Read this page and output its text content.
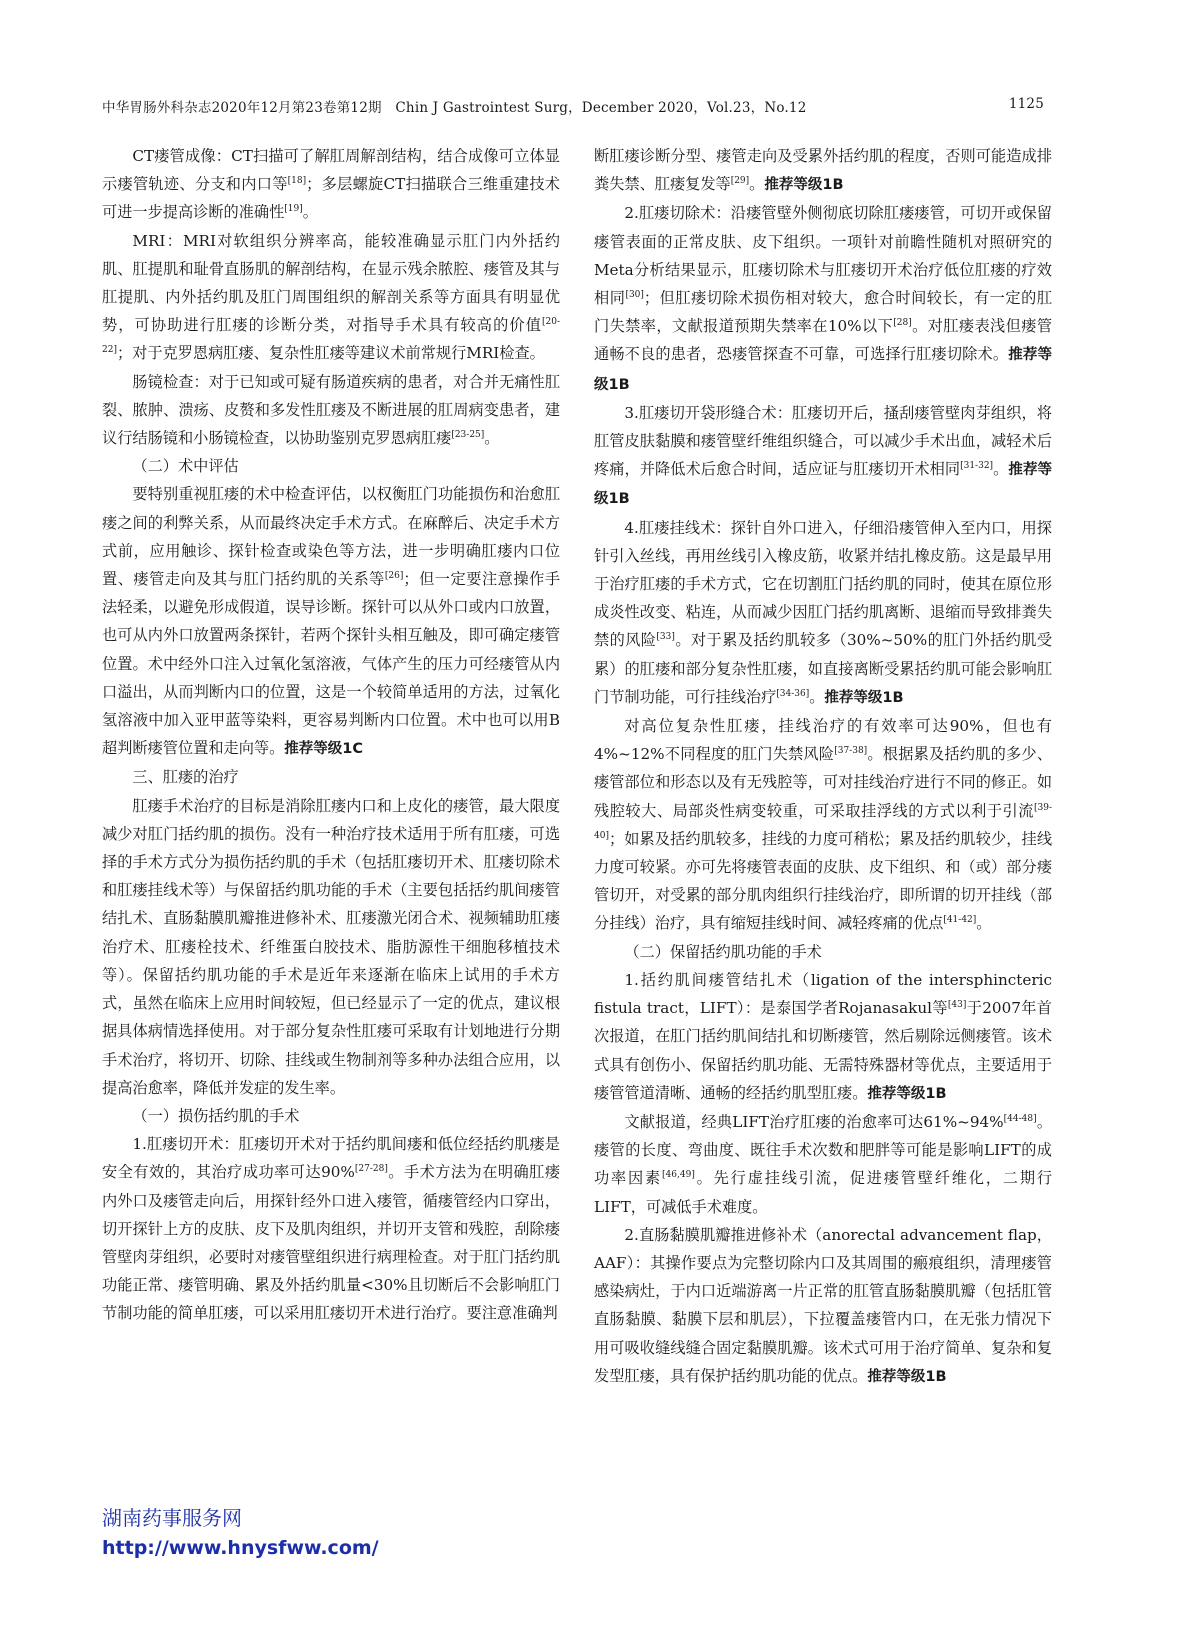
中华胃肠外科杂志2020年12月第23卷第12期　Chin J Gastrointest Surg，December 2020，Vol.23，No.12	1125

CT瘘管成像：CT扫描可了解肛周解剖结构，结合成像可立体显示瘘管轨迹、分支和内口等[18]；多层螺旋CT扫描联合三维重建技术可进一步提高诊断的准确性[19]。

MRI：MRI对软组织分辨率高，能较准确显示肛门内外括约肌、肛提肌和耻骨直肠肌的解剖结构，在显示残余脓腔、瘘管及其与肛提肌、内外括约肌及肛门周围组织的解剖关系等方面具有明显优势，可协助进行肛瘘的诊断分类，对指导手术具有较高的价值[20-22]；对于克罗恩病肛瘘、复杂性肛瘘等建议术前常规行MRI检查。

肠镜检查：对于已知或可疑有肠道疾病的患者，对合并无痛性肛裂、脓肿、溃疡、皮赘和多发性肛瘘及不断进展的肛周病变患者，建议行结肠镜和小肠镜检查，以协助鉴别克罗恩病肛瘘[23-25]。

（二）术中评估

要特别重视肛瘘的术中检查评估，以权衡肛门功能损伤和治愈肛瘘之间的利弊关系，从而最终决定手术方式。在麻醉后、决定手术方式前，应用触诊、探针检查或染色等方法，进一步明确肛瘘内口位置、瘘管走向及其与肛门括约肌的关系等[26]；但一定要注意操作手法轻柔，以避免形成假道，误导诊断。探针可以从外口或内口放置，也可从内外口放置两条探针，若两个探针头相互触及，即可确定瘘管位置。术中经外口注入过氧化氢溶液，气体产生的压力可经瘘管从内口溢出，从而判断内口的位置，这是一个较简单适用的方法，过氧化氢溶液中加入亚甲蓝等染料，更容易判断内口位置。术中也可以用B超判断瘘管位置和走向等。推荐等级1C

三、肛瘘的治疗

肛瘘手术治疗的目标是消除肛瘘内口和上皮化的瘘管，最大限度减少对肛门括约肌的损伤。没有一种治疗技术适用于所有肛瘘，可选择的手术方式分为损伤括约肌的手术（包括肛瘘切开术、肛瘘切除术和肛瘘挂线术等）与保留括约肌功能的手术（主要包括括约肌间瘘管结扎术、直肠黏膜肌瓣推进修补术、肛瘘激光闭合术、视频辅助肛瘘治疗术、肛瘘栓技术、纤维蛋白胶技术、脂肪源性干细胞移植技术等）。保留括约肌功能的手术是近年来逐渐在临床上试用的手术方式，虽然在临床上应用时间较短，但已经显示了一定的优点，建议根据具体病情选择使用。对于部分复杂性肛瘘可采取有计划地进行分期手术治疗，将切开、切除、挂线或生物制剂等多种办法组合应用，以提高治愈率，降低并发症的发生率。

（一）损伤括约肌的手术

1.肛瘘切开术：肛瘘切开术对于括约肌间瘘和低位经括约肌瘘是安全有效的，其治疗成功率可达90%[27-28]。手术方法为在明确肛瘘内外口及瘘管走向后，用探针经外口进入瘘管，循瘘管经内口穿出，切开探针上方的皮肤、皮下及肌肉组织，并切开支管和残腔，刮除瘘管壁肉芽组织，必要时对瘘管壁组织进行病理检查。对于肛门括约肌功能正常、瘘管明确、累及外括约肌量<30%且切断后不会影响肛门节制功能的简单肛瘘，可以采用肛瘘切开术进行治疗。要注意准确判

断肛瘘诊断分型、瘘管走向及受累外括约肌的程度，否则可能造成排粪失禁、肛瘘复发等[29]。推荐等级1B

2.肛瘘切除术：沿瘘管壁外侧彻底切除肛瘘瘘管，可切开或保留瘘管表面的正常皮肤、皮下组织。一项针对前瞻性随机对照研究的Meta分析结果显示，肛瘘切除术与肛瘘切开术治疗低位肛瘘的疗效相同[30]；但肛瘘切除术损伤相对较大，愈合时间较长，有一定的肛门失禁率，文献报道预期失禁率在10%以下[28]。对肛瘘表浅但瘘管通畅不良的患者，恐瘘管探查不可靠，可选择行肛瘘切除术。推荐等级1B

3.肛瘘切开袋形缝合术：肛瘘切开后，搔刮瘘管壁肉芽组织，将肛管皮肤黏膜和瘘管壁纤维组织缝合，可以减少手术出血，减轻术后疼痛，并降低术后愈合时间，适应证与肛瘘切开术相同[31-32]。推荐等级1B

4.肛瘘挂线术：探针自外口进入，仔细沿瘘管伸入至内口，用探针引入丝线，再用丝线引入橡皮筋，收紧并结扎橡皮筋。这是最早用于治疗肛瘘的手术方式，它在切割肛门括约肌的同时，使其在原位形成炎性改变、粘连，从而减少因肛门括约肌离断、退缩而导致排粪失禁的风险[33]。对于累及括约肌较多（30%~50%的肛门外括约肌受累）的肛瘘和部分复杂性肛瘘，如直接离断受累括约肌可能会影响肛门节制功能，可行挂线治疗[34-36]。推荐等级1B

对高位复杂性肛瘘，挂线治疗的有效率可达90%，但也有4%~12%不同程度的肛门失禁风险[37-38]。根据累及括约肌的多少、瘘管部位和形态以及有无残腔等，可对挂线治疗进行不同的修正。如残腔较大、局部炎性病变较重，可采取挂浮线的方式以利于引流[39-40]；如累及括约肌较多，挂线的力度可稍松；累及括约肌较少，挂线力度可较紧。亦可先将瘘管表面的皮肤、皮下组织、和（或）部分瘘管切开，对受累的部分肌肉组织行挂线治疗，即所谓的切开挂线（部分挂线）治疗，具有缩短挂线时间、减轻疼痛的优点[41-42]。

（二）保留括约肌功能的手术

1.括约肌间瘘管结扎术（ligation of the intersphincteric fistula tract，LIFT）：是泰国学者Rojanasakul等[43]于2007年首次报道，在肛门括约肌间结扎和切断瘘管，然后剔除远侧瘘管。该术式具有创伤小、保留括约肌功能、无需特殊器材等优点，主要适用于瘘管管道清晰、通畅的经括约肌型肛瘘。推荐等级1B

文献报道，经典LIFT治疗肛瘘的治愈率可达61%~94%[44-48]。瘘管的长度、弯曲度、既往手术次数和肥胖等可能是影响LIFT的成功率因素[46,49]。先行虚挂线引流，促进瘘管壁纤维化，二期行LIFT，可减低手术难度。

2.直肠黏膜肌瓣推进修补术（anorectal advancement flap，AAF）：其操作要点为完整切除内口及其周围的瘢痕组织，清理瘘管感染病灶，于内口近端游离一片正常的肛管直肠黏膜肌瓣（包括肛管直肠黏膜、黏膜下层和肌层），下拉覆盖瘘管内口，在无张力情况下用可吸收缝线缝合固定黏膜肌瓣。该术式可用于治疗简单、复杂和复发型肛瘘，具有保护括约肌功能的优点。推荐等级1B

湖南药事服务网
http://www.hnysfww.com/
